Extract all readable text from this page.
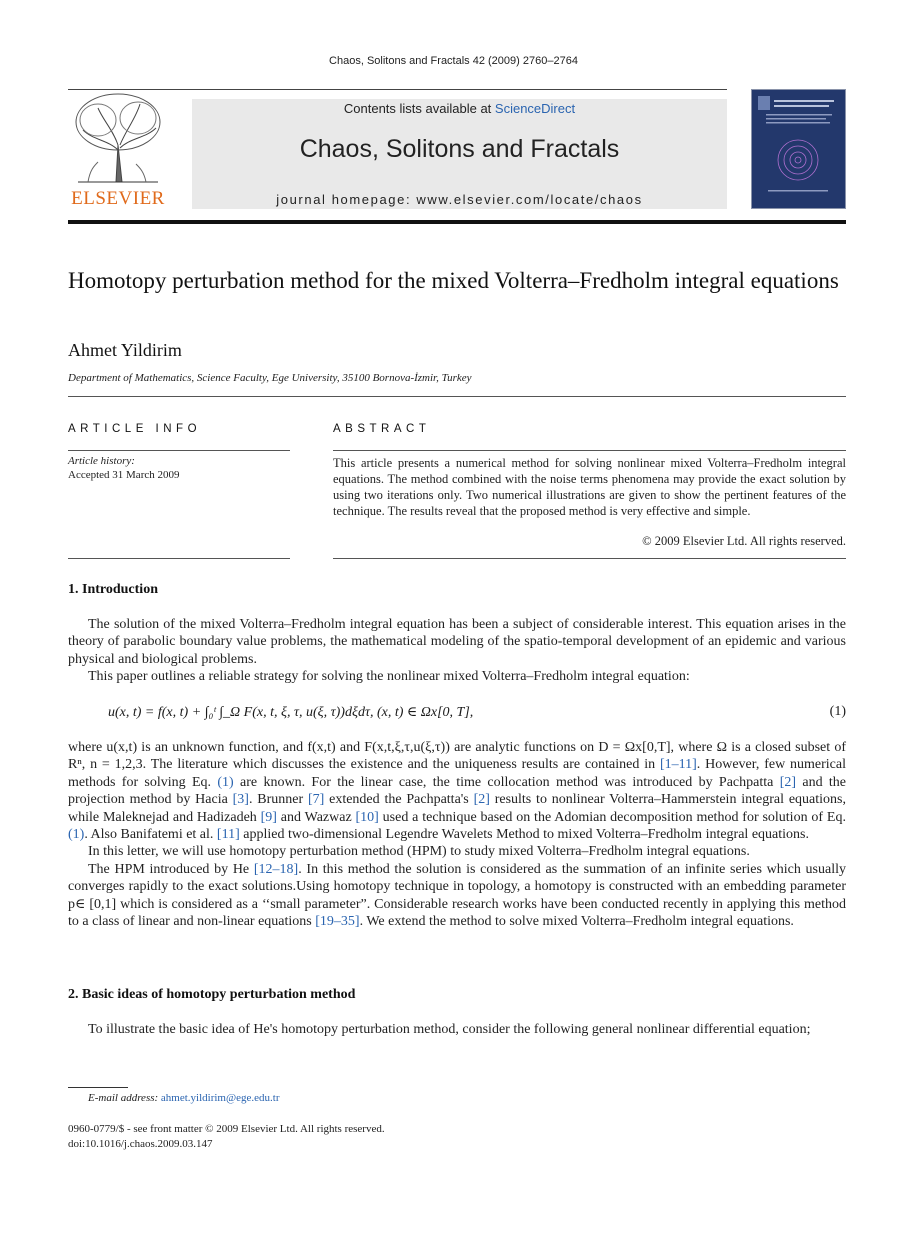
Chaos, Solitons and Fractals 42 (2009) 2760–2764
ELSEVIER
Contents lists available at ScienceDirect
Chaos, Solitons and Fractals
journal homepage: www.elsevier.com/locate/chaos
Homotopy perturbation method for the mixed Volterra–Fredholm integral equations
Ahmet Yildirim
Department of Mathematics, Science Faculty, Ege University, 35100 Bornova-İzmir, Turkey
ARTICLE INFO
Article history:
Accepted 31 March 2009
ABSTRACT
This article presents a numerical method for solving nonlinear mixed Volterra–Fredholm integral equations. The method combined with the noise terms phenomena may provide the exact solution by using two iterations only. Two numerical illustrations are given to show the pertinent features of the technique. The results reveal that the proposed method is very effective and simple.
© 2009 Elsevier Ltd. All rights reserved.
1. Introduction

The solution of the mixed Volterra–Fredholm integral equation has been a subject of considerable interest. This equation arises in the theory of parabolic boundary value problems, the mathematical modeling of the spatio-temporal development of an epidemic and various physical and biological problems.

This paper outlines a reliable strategy for solving the nonlinear mixed Volterra–Fredholm integral equation:

u(x, t) = f(x, t) + ∫₀ᵗ ∫_Ω F(x, t, ξ, τ, u(ξ, τ))dξdτ, (x, t) ∈ Ωx[0, T],	(1)

where u(x,t) is an unknown function, and f(x,t) and F(x,t,ξ,τ,u(ξ,τ)) are analytic functions on D = Ωx[0,T], where Ω is a closed subset of Rⁿ, n = 1,2,3. The literature which discusses the existence and the uniqueness results are contained in [1–11]. However, few numerical methods for solving Eq. (1) are known. For the linear case, the time collocation method was introduced by Pachpatta [2] and the projection method by Hacia [3]. Brunner [7] extended the Pachpatta's [2] results to nonlinear Volterra–Hammerstein integral equations, while Maleknejad and Hadizadeh [9] and Wazwaz [10] used a technique based on the Adomian decomposition method for solution of Eq. (1). Also Banifatemi et al. [11] applied two-dimensional Legendre Wavelets Method to mixed Volterra–Fredholm integral equations.

In this letter, we will use homotopy perturbation method (HPM) to study mixed Volterra–Fredholm integral equations.

The HPM introduced by He [12–18]. In this method the solution is considered as the summation of an infinite series which usually converges rapidly to the exact solutions.Using homotopy technique in topology, a homotopy is constructed with an embedding parameter p∈ [0,1] which is considered as a ‘‘small parameter”. Considerable research works have been conducted recently in applying this method to a class of linear and non-linear equations [19–35]. We extend the method to solve mixed Volterra–Fredholm integral equations.

2. Basic ideas of homotopy perturbation method

To illustrate the basic idea of He's homotopy perturbation method, consider the following general nonlinear differential equation;

E-mail address: ahmet.yildirim@ege.edu.tr
0960-0779/$ - see front matter © 2009 Elsevier Ltd. All rights reserved.
doi:10.1016/j.chaos.2009.03.147
